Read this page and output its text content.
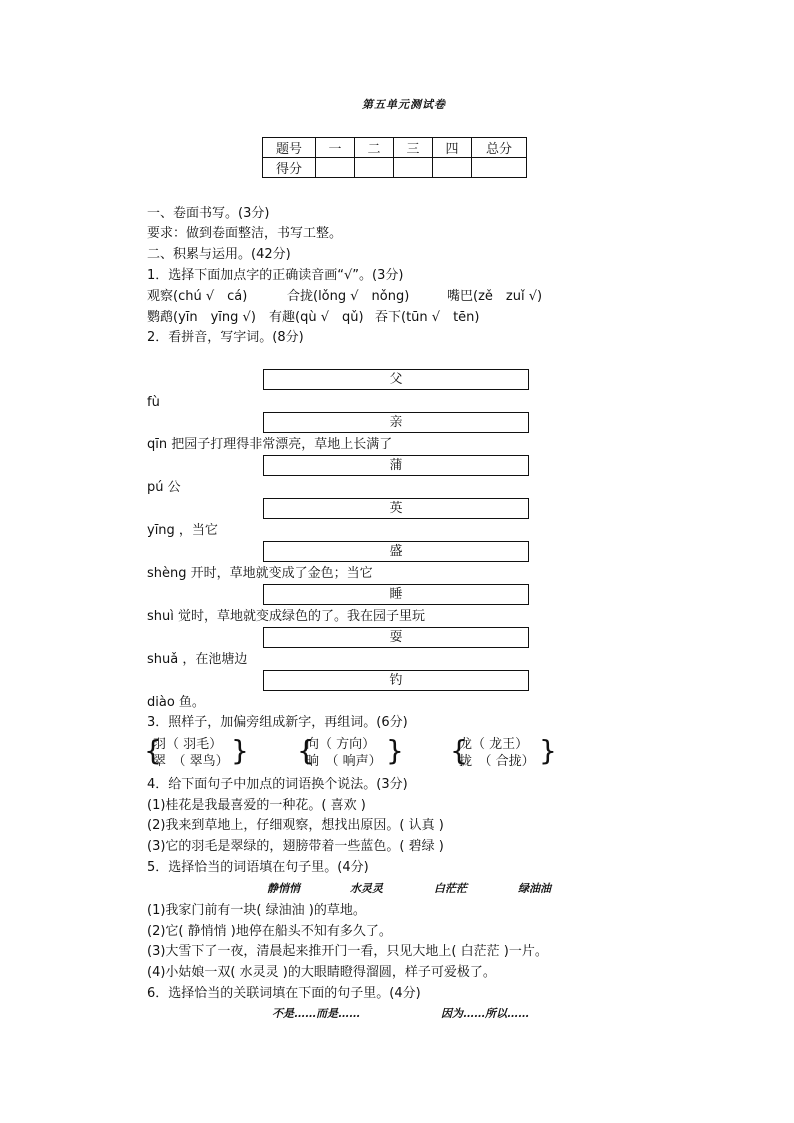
第五单元测试卷
题号	一	二	三	四	总分
得分					
一、卷面书写。(3分)
要求：做到卷面整洁，书写工整。
二、积累与运用。(42分)
1．选择下面加点字的正确读音画“√”。(3分)
观察(chú √　cá)	合拢(lǒng √　nǒng)	嘴巴(zě　zuǐ √)
鹦鹉(yīn　yīng √) 有趣(qù √　qǔ) 吞下(tūn √　tēn)
2．看拼音，写字词。(8分)
父
fù
亲
qīn 把园子打理得非常漂亮，草地上长满了
蒲
pú 公
英
yīng ，当它
盛
shèng 开时，草地就变成了金色；当它
睡
shuì 觉时，草地就变成绿色的了。我在园子里玩
耍
shuǎ ，在池塘边
钓
diào 鱼。
3．照样子，加偏旁组成新字，再组词。(6分)
{
羽（ 羽毛）
翠　（ 翠鸟） } {
向（ 方向）
晌　（ 响声） } {
龙（ 龙王）
拢　（ 合拢） }
4．给下面句子中加点的词语换个说法。(3分)
(1)桂花是我最喜爱的一种花。( 喜欢 )
(2)我来到草地上，仔细观察，想找出原因。( 认真 )
(3)它的羽毛是翠绿的，翅膀带着一些蓝色。( 碧绿 )
5．选择恰当的词语填在句子里。(4分)
静悄悄	水灵灵	白茫茫	绿油油
(1)我家门前有一块( 绿油油 )的草地。
(2)它( 静悄悄 )地停在船头不知有多久了。
(3)大雪下了一夜，清晨起来推开门一看，只见大地上( 白茫茫 )一片。
(4)小姑娘一双( 水灵灵 )的大眼睛瞪得溜圆，样子可爱极了。
6．选择恰当的关联词填在下面的句子里。(4分)
不是……而是……	因为……所以……
